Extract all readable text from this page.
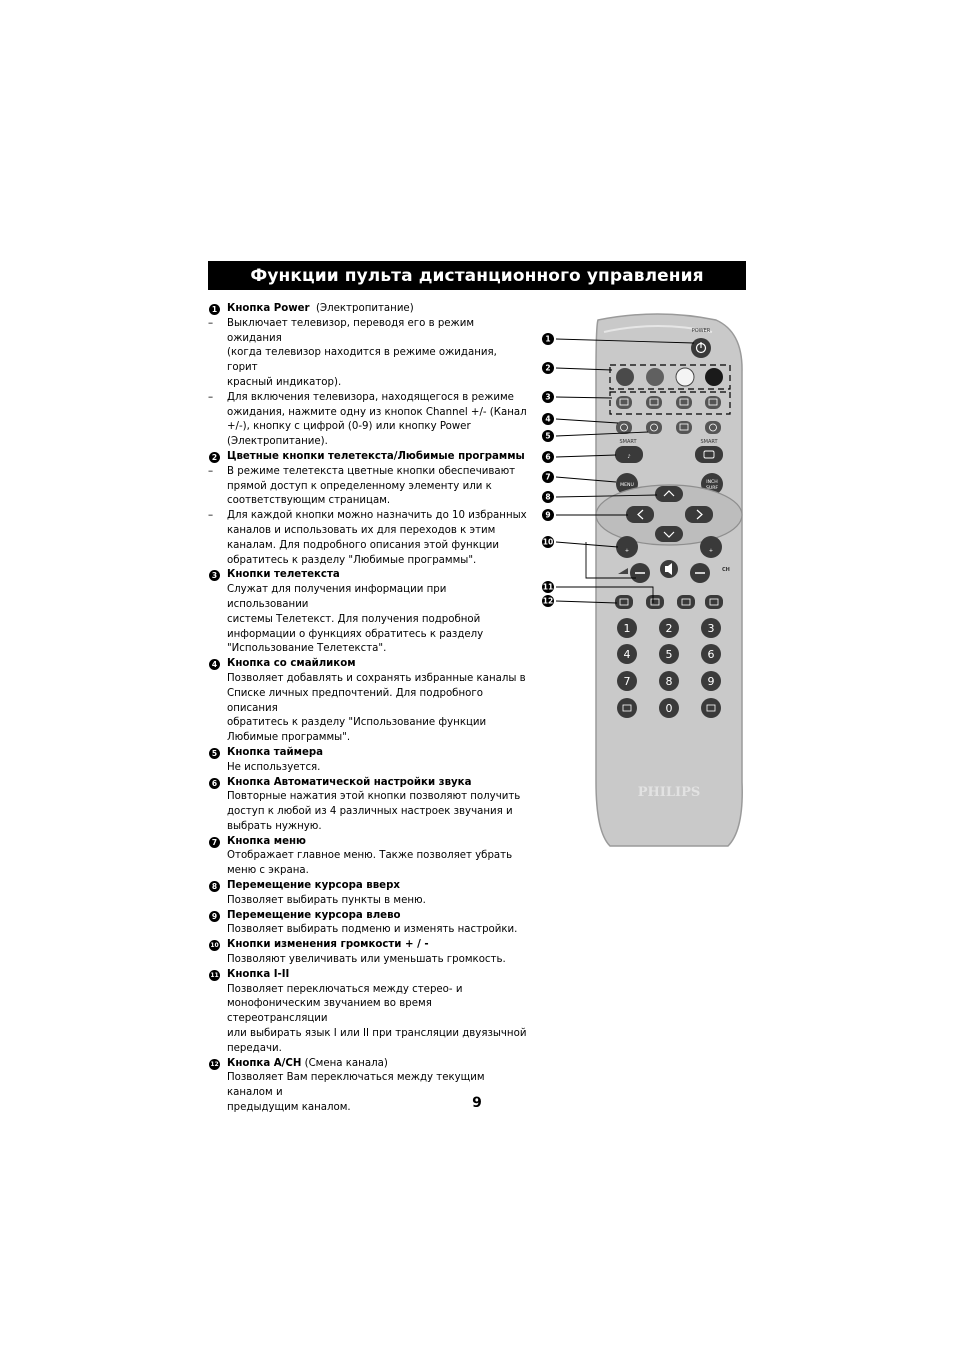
Функции пульта дистанционного управления
1 Кнопка Power  (Электропитание)
– Выключает телевизор, переводя его в режим ожидания
(когда телевизор находится в режиме ожидания, горит
красный индикатор).
– Для включения телевизора, находящегося в режиме
ожидания, нажмите одну из кнопок Channel +/- (Канал
+/-), кнопку с цифрой (0-9) или кнопку Power
(Электропитание).
2 Цветные кнопки телетекста/Любимые программы
– В режиме телетекста цветные кнопки обеспечивают
прямой доступ к определенному элементу или к
соответствующим страницам.
– Для каждой кнопки можно назначить до 10 избранных
каналов и использовать их для переходов к этим
каналам. Для подробного описания этой функции
обратитесь к разделу "Любимые программы".
3 Кнопки телетекста
Служат для получения информации при использовании
системы Телетекст. Для получения подробной
информации о функциях обратитесь к разделу
"Использование Телетекста".
4 Кнопка со смайликом
Позволяет добавлять и сохранять избранные каналы в
Списке личных предпочтений. Для подробного описания
обратитесь к разделу "Использование функции
Любимые программы".
5 Кнопка таймера
Не используется.
6 Кнопка Автоматической настройки звука
Повторные нажатия этой кнопки позволяют получить
доступ к любой из 4 различных настроек звучания и
выбрать нужную.
7 Кнопка меню
Отображает главное меню. Также позволяет убрать
меню с экрана.
8 Перемещение курсора вверх
Позволяет выбирать пункты в меню.
9 Перемещение курсора влево
Позволяет выбирать подменю и изменять настройки.
10 Кнопки изменения громкости + / -
Позволяют увеличивать или уменьшать громкость.
11 Кнопка I-II
Позволяет переключаться между стерео- и
монофоническим звучанием во время стереотрансляции
или выбирать язык I или II при трансляции двуязычной
передачи.
12 Кнопка A/CH (Смена канала)
Позволяет Вам переключаться между текущим каналом и
предыдущим каналом.
POWER
SMART	SMART
♪
MENU
INCH
SURF
+	+
CH
1	2	3
4	5	6
7	8	9
0
PHILIPS
1
2
3
4
5
6
7
8
9
10
11
12
9
